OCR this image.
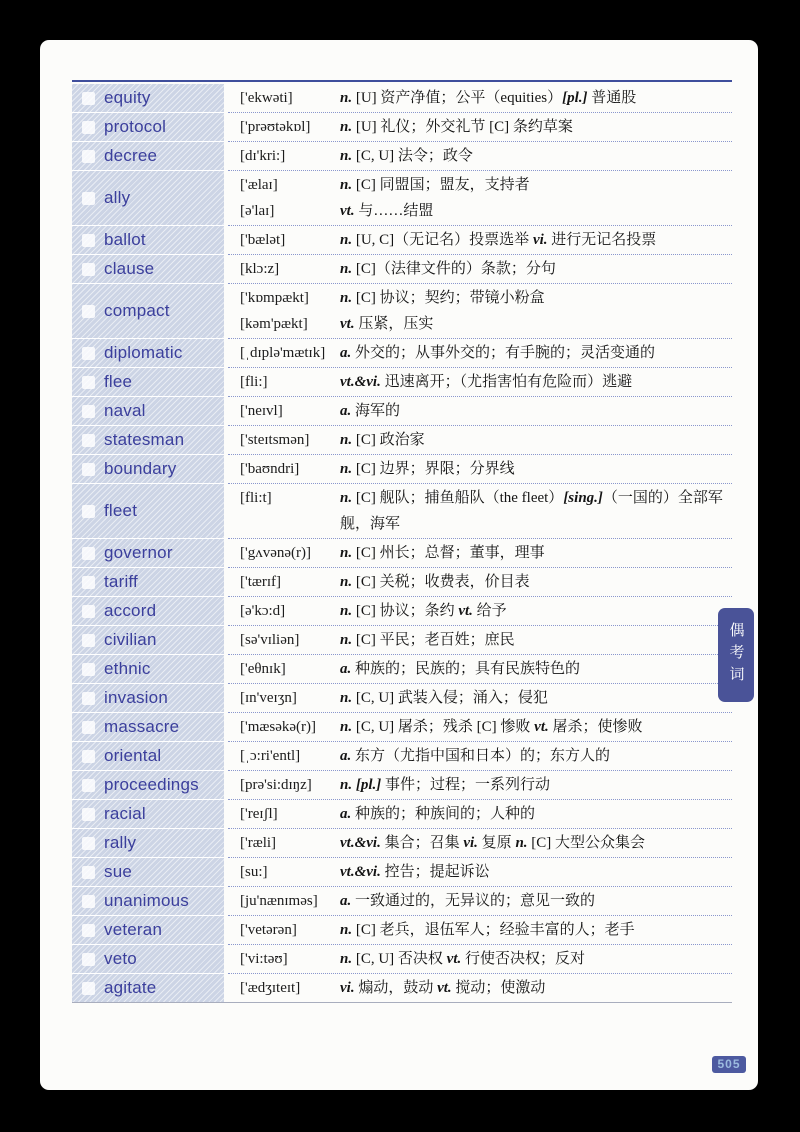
equity	['ekwəti]	n. [U] 资产净值；公平（equities）[pl.] 普通股
protocol	['prəʊtəkɒl]	n. [U] 礼仪；外交礼节 [C] 条约草案
decree	[dɪ'kri:]	n. [C, U] 法令；政令
ally
['ælaɪ]	n. [C] 同盟国；盟友，支持者
[ə'laɪ]	vt. 与……结盟
ballot	['bælət]	n. [U, C]（无记名）投票选举 vi. 进行无记名投票
clause	[klɔ:z]	n. [C]（法律文件的）条款；分句
compact
['kɒmpækt]	n. [C] 协议；契约；带镜小粉盒
[kəm'pækt]	vt. 压紧，压实
diplomatic	[ˌdɪplə'mætɪk] a. 外交的；从事外交的；有手腕的；灵活变通的
flee	[fli:]	vt.&vi. 迅速离开；（尤指害怕有危险而）逃避
naval	['neɪvl]	a. 海军的
statesman	['steɪtsmən]	n. [C] 政治家
boundary	['baʊndri]	n. [C] 边界；界限；分界线
fleet
[fli:t]	n. [C] 舰队；捕鱼船队（the fleet）[sing.]（一国的）全部军舰，海军
governor	['gʌvənə(r)]	n. [C] 州长；总督；董事，理事
tariff	['tærɪf]	n. [C] 关税；收费表，价目表
accord	[ə'kɔ:d]	n. [C] 协议；条约 vt. 给予
civilian	[sə'vɪliən]	n. [C] 平民；老百姓；庶民
ethnic	['eθnɪk]	a. 种族的；民族的；具有民族特色的
invasion	[ɪn'veɪʒn]	n. [C, U] 武装入侵；涌入；侵犯
massacre	['mæsəkə(r)]	n. [C, U] 屠杀；残杀 [C] 惨败 vt. 屠杀；使惨败
oriental	[ˌɔ:ri'entl]	a. 东方（尤指中国和日本）的；东方人的
proceedings	[prə'si:dɪŋz]	n. [pl.] 事件；过程；一系列行动
racial	['reɪʃl]	a. 种族的；种族间的；人种的
rally	['ræli]	vt.&vi. 集合；召集 vi. 复原 n. [C] 大型公众集会
sue	[su:]	vt.&vi. 控告；提起诉讼
unanimous	[ju'nænɪməs]	a. 一致通过的，无异议的；意见一致的
veteran	['vetərən]	n. [C] 老兵，退伍军人；经验丰富的人；老手
veto	['vi:təʊ]	n. [C, U] 否决权 vt. 行使否决权；反对
agitate	['ædʒɪteɪt]	vi. 煽动，鼓动 vt. 搅动；使激动
偶考词
505
